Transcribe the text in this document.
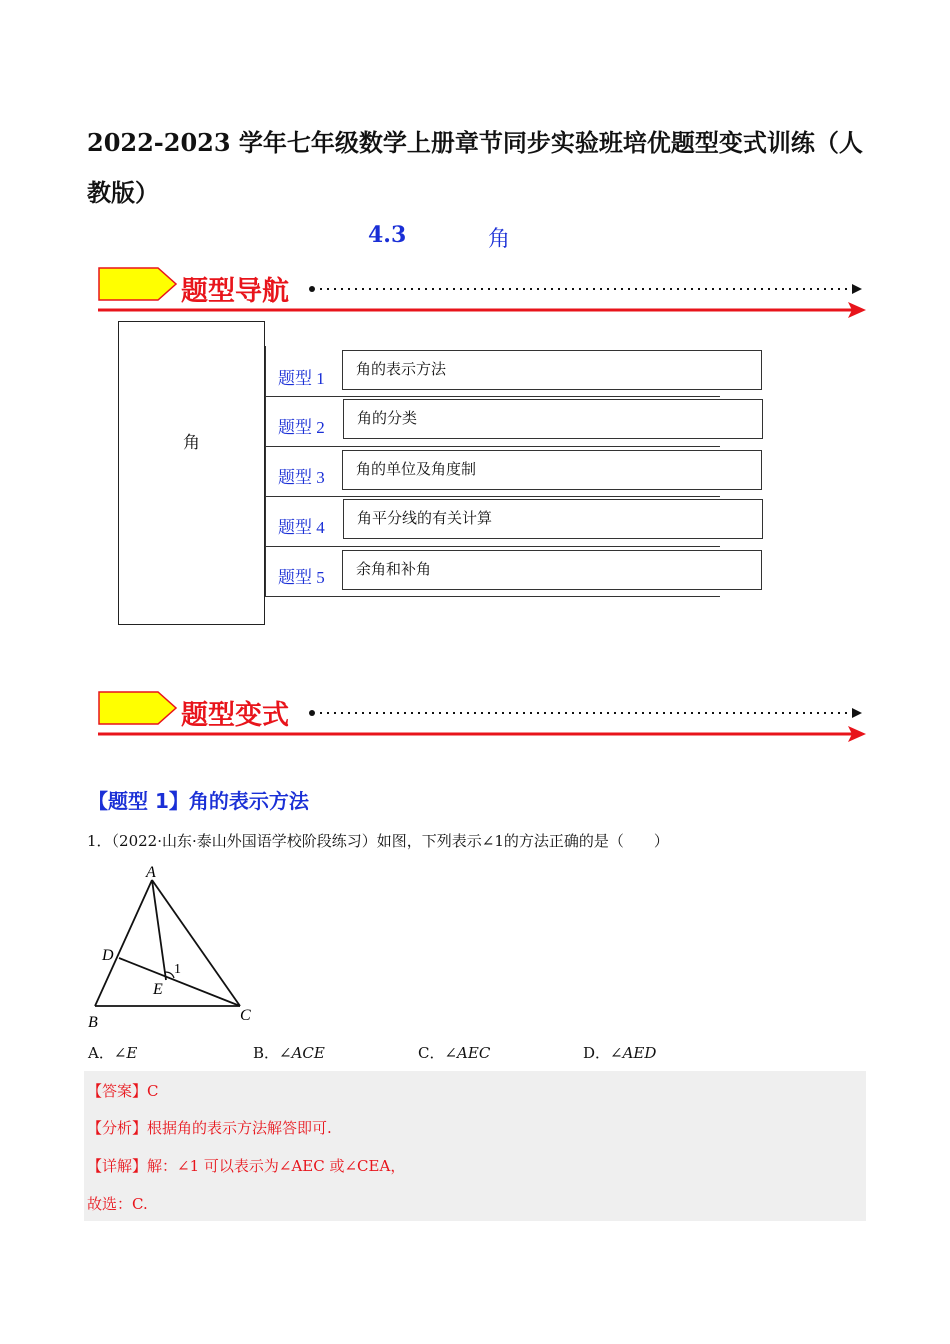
2022-2023 学年七年级数学上册章节同步实验班培优题型变式训练（人教版）
4.3	角
题型导航
角
题型 1	角的表示方法
题型 2	角的分类
题型 3	角的单位及角度制
题型 4	角平分线的有关计算
题型 5	余角和补角
题型变式
【题型 1】角的表示方法
1．（2022·山东·泰山外国语学校阶段练习）如图，下列表示∠1的方法正确的是（　　）
A
D
1
E
B	C
A．∠E	B．∠ACE	C．∠AEC	D．∠AED
【答案】C
【分析】根据角的表示方法解答即可.
【详解】解：∠1 可以表示为∠AEC 或∠CEA，
故选：C.
